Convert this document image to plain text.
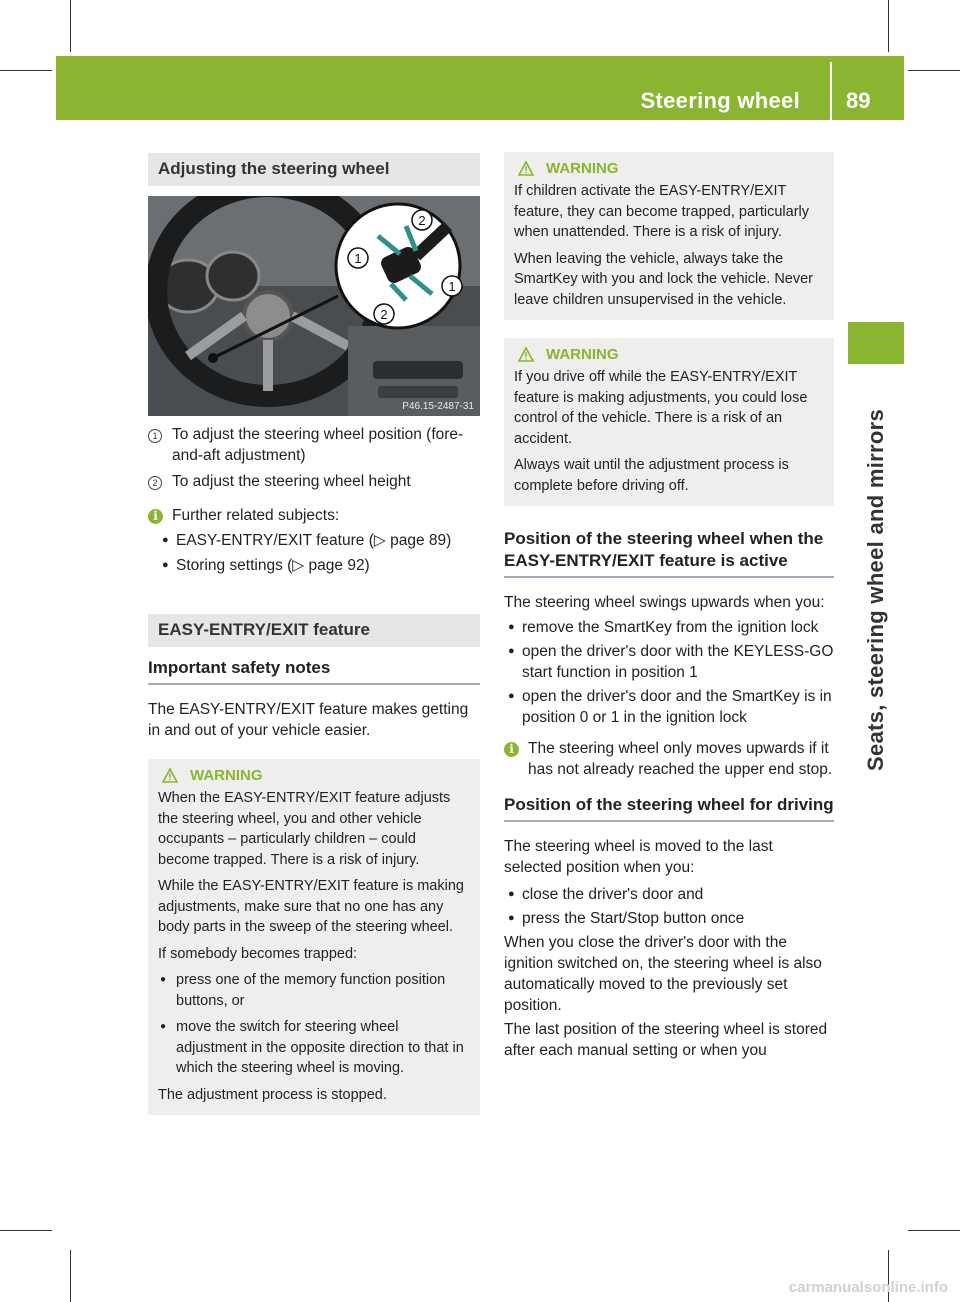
Steering wheel 89
Seats, steering wheel and mirrors
Adjusting the steering wheel
1
2
1
2
P46.15-2487-31
1 To adjust the steering wheel position (fore-and-aft adjustment)
2 To adjust the steering wheel height
i Further related subjects:
● EASY-ENTRY/EXIT feature (▷ page 89)
● Storing settings (▷ page 92)
EASY-ENTRY/EXIT feature
Important safety notes

The EASY-ENTRY/EXIT feature makes getting in and out of your vehicle easier.

WARNING

When the EASY-ENTRY/EXIT feature adjusts the steering wheel, you and other vehicle occupants – particularly children – could become trapped. There is a risk of injury.

While the EASY-ENTRY/EXIT feature is making adjustments, make sure that no one has any body parts in the sweep of the steering wheel.

If somebody becomes trapped:

● press one of the memory function position buttons, or
● move the switch for steering wheel adjustment in the opposite direction to that in which the steering wheel is moving.

The adjustment process is stopped.

WARNING

If children activate the EASY-ENTRY/EXIT feature, they can become trapped, particularly when unattended. There is a risk of injury.

When leaving the vehicle, always take the SmartKey with you and lock the vehicle. Never leave children unsupervised in the vehicle.

WARNING

If you drive off while the EASY-ENTRY/EXIT feature is making adjustments, you could lose control of the vehicle. There is a risk of an accident.

Always wait until the adjustment process is complete before driving off.

Position of the steering wheel when the EASY-ENTRY/EXIT feature is active

The steering wheel swings upwards when you:

● remove the SmartKey from the ignition lock
● open the driver's door with the KEYLESS-GO start function in position 1
● open the driver's door and the SmartKey is in position 0 or 1 in the ignition lock
i The steering wheel only moves upwards if it has not already reached the upper end stop.
Position of the steering wheel for driving

The steering wheel is moved to the last selected position when you:

● close the driver's door and
● press the Start/Stop button once

When you close the driver's door with the ignition switched on, the steering wheel is also automatically moved to the previously set position.

The last position of the steering wheel is stored after each manual setting or when you

carmanualsonline.info
